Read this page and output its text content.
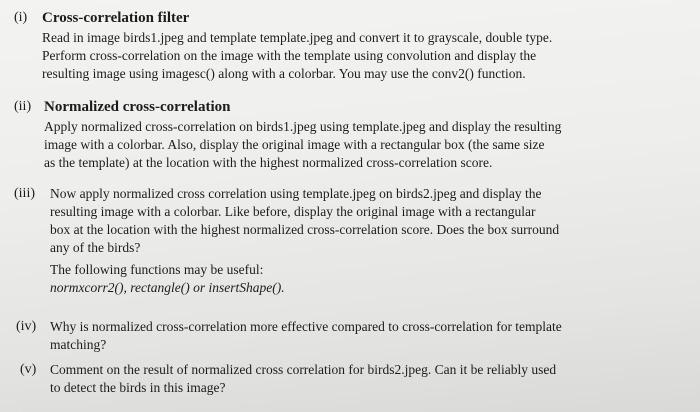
(i) Cross-correlation filter
Read in image birds1.jpeg and template template.jpeg and convert it to grayscale, double type.
Perform cross-correlation on the image with the template using convolution and display the
resulting image using imagesc() along with a colorbar. You may use the conv2() function.
(ii) Normalized cross-correlation
Apply normalized cross-correlation on birds1.jpeg using template.jpeg and display the resulting
image with a colorbar. Also, display the original image with a rectangular box (the same size
as the template) at the location with the highest normalized cross-correlation score.
(iii)	Now apply normalized cross correlation using template.jpeg on birds2.jpeg and display the
resulting image with a colorbar. Like before, display the original image with a rectangular
box at the location with the highest normalized cross-correlation score. Does the box surround
any of the birds?
The following functions may be useful:
normxcorr2(), rectangle() or insertShape().
(iv)	Why is normalized cross-correlation more effective compared to cross-correlation for template
matching?
(v)	Comment on the result of normalized cross correlation for birds2.jpeg. Can it be reliably used
to detect the birds in this image?
